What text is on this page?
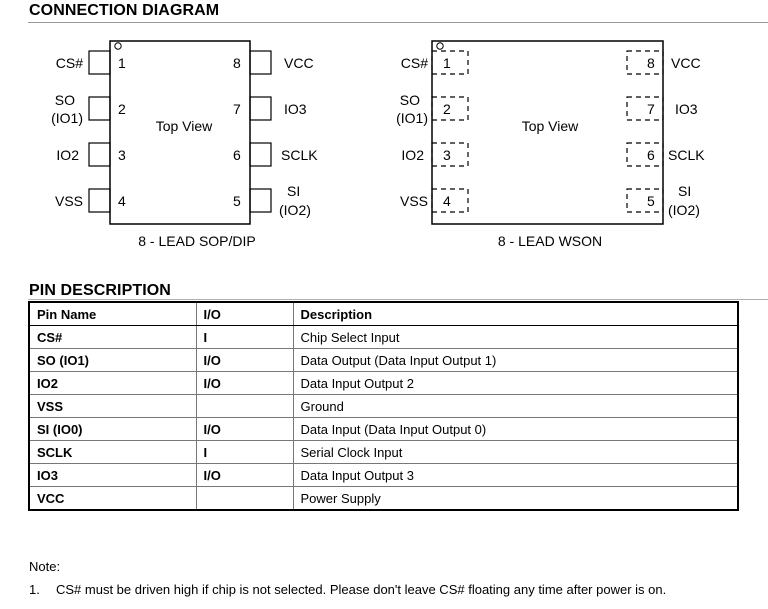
CONNECTION DIAGRAM
1
2
3
4
8
7
6
5
CS#
SO
(IO1)
IO2
VSS
VCC
IO3
SCLK
SI
(IO2)
Top View
8 - LEAD SOP/DIP
1
2
3
4
8
7
6
5
CS#
SO
(IO1)
IO2
VSS
VCC
IO3
SCLK
SI
(IO2)
Top View
8 - LEAD WSON
PIN DESCRIPTION
Pin Name	I/O	Description
CS#	I	Chip Select Input
SO (IO1)	I/O	Data Output (Data Input Output 1)
IO2	I/O	Data Input Output 2
VSS		Ground
SI (IO0)	I/O	Data Input (Data Input Output 0)
SCLK	I	Serial Clock Input
IO3	I/O	Data Input Output 3
VCC		Power Supply
Note:
1. CS# must be driven high if chip is not selected. Please don't leave CS# floating any time after power is on.
